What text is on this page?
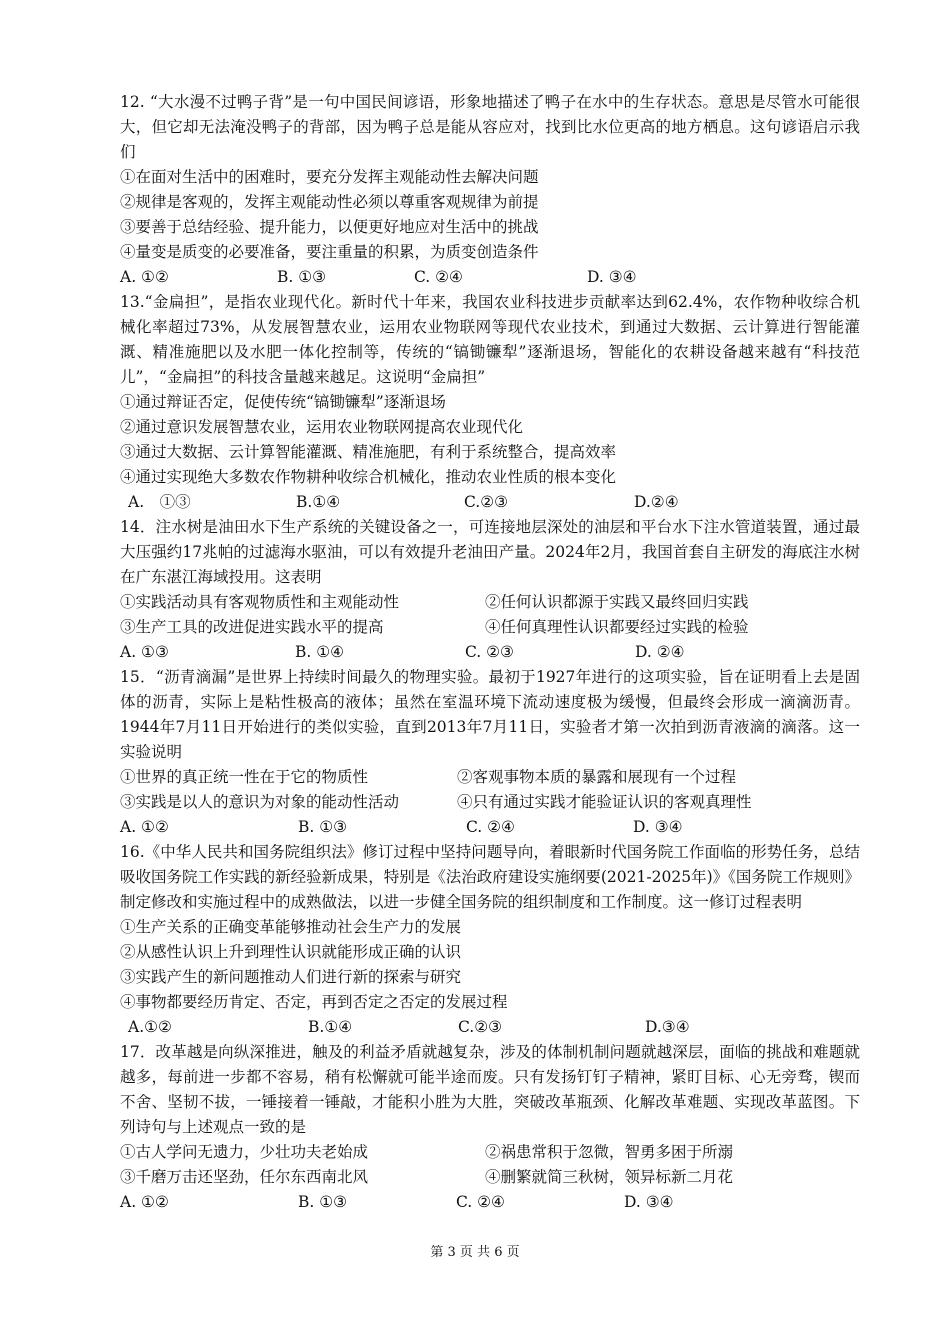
12. “大水漫不过鸭子背”是一句中国民间谚语，形象地描述了鸭子在水中的生存状态。意思是尽管水可能很大，但它却无法淹没鸭子的背部，因为鸭子总是能从容应对，找到比水位更高的地方栖息。这句谚语启示我们

①在面对生活中的困难时，要充分发挥主观能动性去解决问题

②规律是客观的，发挥主观能动性必须以尊重客观规律为前提

③要善于总结经验、提升能力，以便更好地应对生活中的挑战

④量变是质变的必要准备，要注重量的积累，为质变创造条件

A. ①②	B. ①③	C. ②④	D. ③④

13.“金扁担”，是指农业现代化。新时代十年来，我国农业科技进步贡献率达到62.4%，农作物种收综合机械化率超过73%，从发展智慧农业，运用农业物联网等现代农业技术，到通过大数据、云计算进行智能灌溉、精准施肥以及水肥一体化控制等，传统的“镐锄镰犁”逐渐退场，智能化的农耕设备越来越有“科技范儿”，“金扁担”的科技含量越来越足。这说明“金扁担”

①通过辩证否定，促使传统“镐锄镰犁”逐渐退场

②通过意识发展智慧农业，运用农业物联网提高农业现代化

③通过大数据、云计算智能灌溉、精准施肥，有利于系统整合，提高效率

④通过实现绝大多数农作物耕种收综合机械化，推动农业性质的根本变化

A.　①③	B.①④	C.②③	D.②④

14．注水树是油田水下生产系统的关键设备之一，可连接地层深处的油层和平台水下注水管道装置，通过最大压强约17兆帕的过滤海水驱油，可以有效提升老油田产量。2024年2月，我国首套自主研发的海底注水树在广东湛江海域投用。这表明

①实践活动具有客观物质性和主观能动性	②任何认识都源于实践又最终回归实践
③生产工具的改进促进实践水平的提高	④任何真理性认识都要经过实践的检验
A. ①③	B. ①④	C. ②③	D. ②④

15．“沥青滴漏”是世界上持续时间最久的物理实验。最初于1927年进行的这项实验，旨在证明看上去是固体的沥青，实际上是粘性极高的液体；虽然在室温环境下流动速度极为缓慢，但最终会形成一滴滴沥青。1944年7月11日开始进行的类似实验，直到2013年7月11日，实验者才第一次拍到沥青液滴的滴落。这一实验说明

①世界的真正统一性在于它的物质性	②客观事物本质的暴露和展现有一个过程
③实践是以人的意识为对象的能动性活动	④只有通过实践才能验证认识的客观真理性
A. ①②	B. ①③	C. ②④	D. ③④

16.《中华人民共和国务院组织法》修订过程中坚持问题导向，着眼新时代国务院工作面临的形势任务，总结吸收国务院工作实践的新经验新成果，特别是《法治政府建设实施纲要(2021-2025年)》《国务院工作规则》制定修改和实施过程中的成熟做法，以进一步健全国务院的组织制度和工作制度。这一修订过程表明

①生产关系的正确变革能够推动社会生产力的发展

②从感性认识上升到理性认识就能形成正确的认识

③实践产生的新问题推动人们进行新的探索与研究

④事物都要经历肯定、否定，再到否定之否定的发展过程

A.①②	B.①④	C.②③	D.③④

17．改革越是向纵深推进，触及的利益矛盾就越复杂，涉及的体制机制问题就越深层，面临的挑战和难题就越多，每前进一步都不容易，稍有松懈就可能半途而废。只有发扬钉钉子精神，紧盯目标、心无旁骛，锲而不舍、坚韧不拔，一锤接着一锤敲，才能积小胜为大胜，突破改革瓶颈、化解改革难题、实现改革蓝图。下列诗句与上述观点一致的是

①古人学问无遗力，少壮功夫老始成	②祸患常积于忽微，智勇多困于所溺
③千磨万击还坚劲，任尔东西南北风	④删繁就简三秋树，领异标新二月花
A. ①②	B. ①③	C. ②④	D. ③④
第 3 页 共 6 页
